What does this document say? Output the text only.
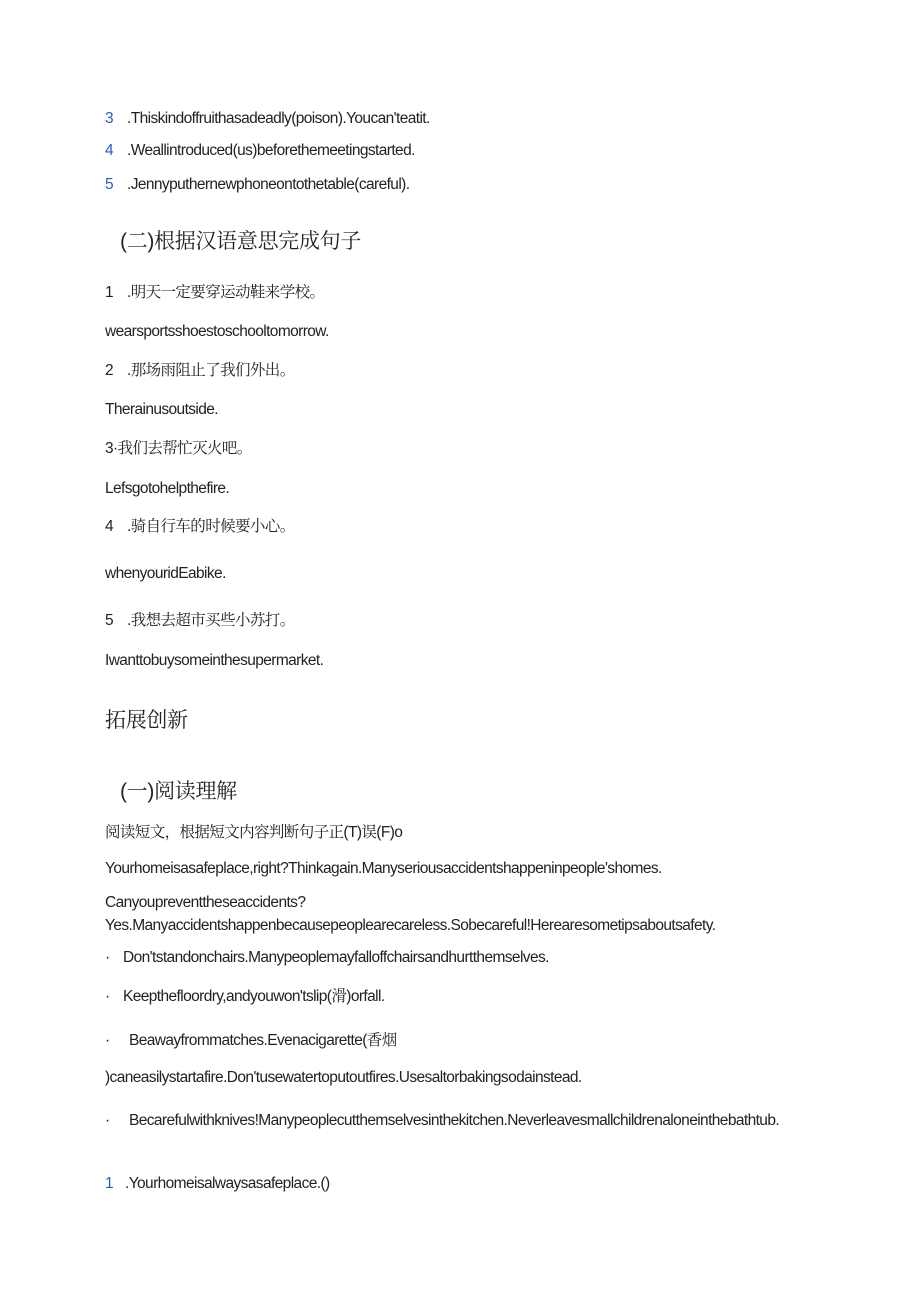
3 .Thiskindoffruithasadeadly(poison).Youcan'teatit.
4 .Weallintroduced(us)beforethemeetingstarted.
5 .Jennyputhernewphoneontothetable(careful).
(二)根据汉语意思完成句子
1 .明天一定要穿运动鞋来学校。
wearsportsshoestoschooltomorrow.
2 .那场雨阻止了我们外出。
Therainusoutside.
3·我们去帮忙灭火吧。
Lefsgotohelpthefire.
4 .骑自行车的时候要小心。
whenyouridEabike.
5 .我想去超市买些小苏打。
Iwanttobuysomeinthesupermarket.
拓展创新
(一)阅读理解
阅读短文，根据短文内容判断句子正(T)误(F)o
Yourhomeisasafeplace,right?Thinkagain.Manyseriousaccidentshappeninpeople'shomes.
Canyoupreventtheseaccidents?Yes.Manyaccidentshappenbecausepeoplearecareless.Sobecareful!Herearesometipsaboutsafety.
· Don'tstandonchairs.Manypeoplemayfalloffchairsandhurtthemselves.
· Keepthefloordry,andyouwon'tslip(滑)orfall.
· Beawayfrommatches.Evenacigarette(香烟
)caneasilystartafire.Don'tusewatertoputoutfires.Usesaltorbakingsodainstead.
· Becarefulwithknives!Manypeoplecutthemselvesinthekitchen.Neverleavesmallchildrenaloneinthebathtub.
1 .Yourhomeisalwaysasafeplace.()
